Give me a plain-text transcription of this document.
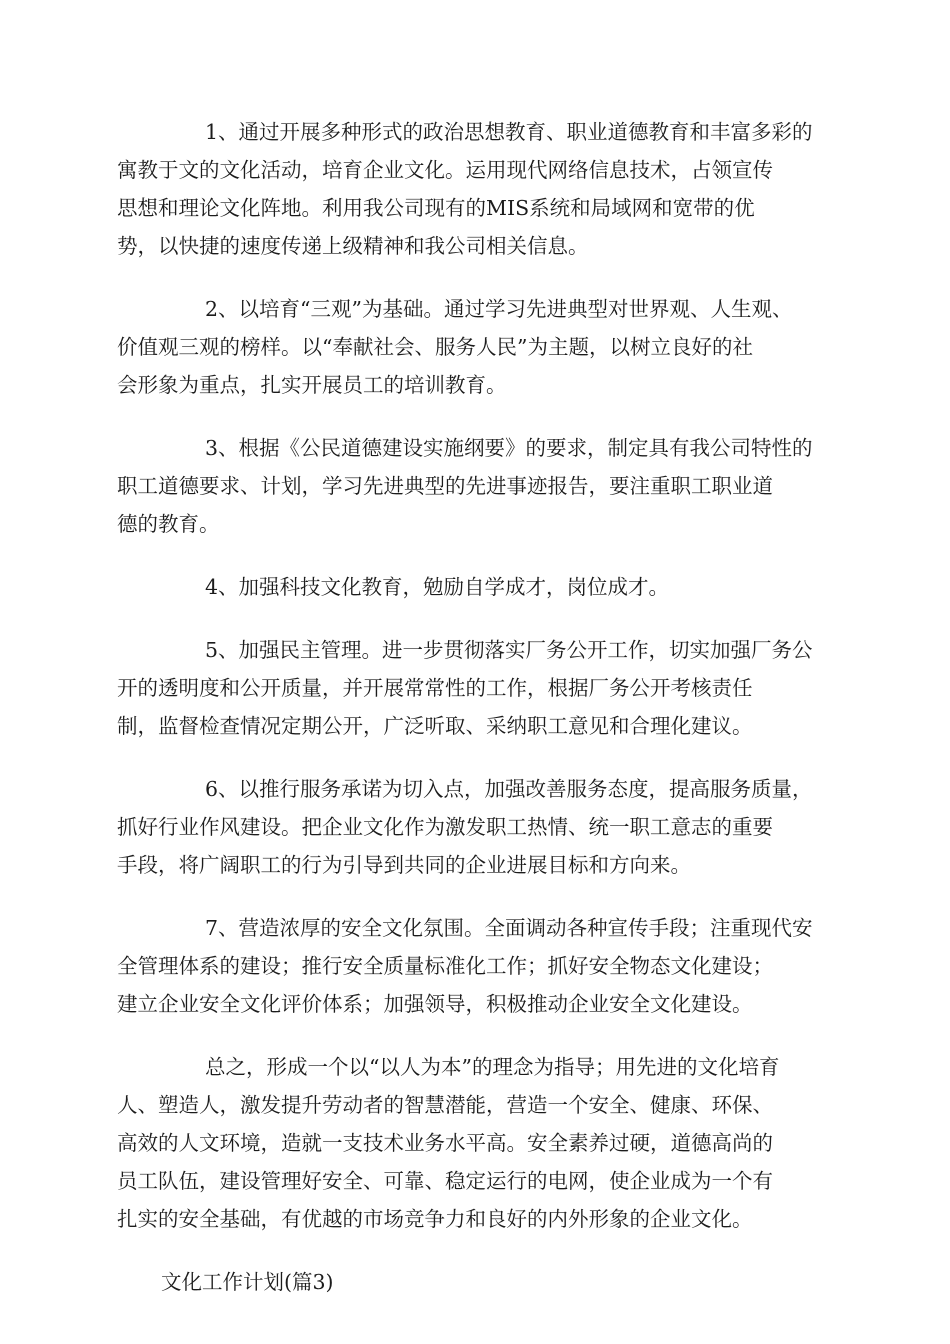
1、通过开展多种形式的政治思想教育、职业道德教育和丰富多彩的
寓教于文的文化活动，培育企业文化。运用现代网络信息技术，占领宣传
思想和理论文化阵地。利用我公司现有的MIS系统和局域网和宽带的优
势，以快捷的速度传递上级精神和我公司相关信息。

2、以培育“三观”为基础。通过学习先进典型对世界观、人生观、
价值观三观的榜样。以“奉献社会、服务人民”为主题，以树立良好的社
会形象为重点，扎实开展员工的培训教育。

3、根据《公民道德建设实施纲要》的要求，制定具有我公司特性的
职工道德要求、计划，学习先进典型的先进事迹报告，要注重职工职业道
德的教育。

4、加强科技文化教育，勉励自学成才，岗位成才。

5、加强民主管理。进一步贯彻落实厂务公开工作，切实加强厂务公
开的透明度和公开质量，并开展常常性的工作，根据厂务公开考核责任
制，监督检查情况定期公开，广泛听取、采纳职工意见和合理化建议。

6、以推行服务承诺为切入点，加强改善服务态度，提高服务质量，
抓好行业作风建设。把企业文化作为激发职工热情、统一职工意志的重要
手段，将广阔职工的行为引导到共同的企业进展目标和方向来。

7、营造浓厚的安全文化氛围。全面调动各种宣传手段；注重现代安
全管理体系的建设；推行安全质量标准化工作；抓好安全物态文化建设；
建立企业安全文化评价体系；加强领导，积极推动企业安全文化建设。

总之，形成一个以“以人为本”的理念为指导；用先进的文化培育
人、塑造人，激发提升劳动者的智慧潜能，营造一个安全、健康、环保、
高效的人文环境，造就一支技术业务水平高。安全素养过硬，道德高尚的
员工队伍，建设管理好安全、可靠、稳定运行的电网，使企业成为一个有
扎实的安全基础，有优越的市场竞争力和良好的内外形象的企业文化。

文化工作计划(篇3)
